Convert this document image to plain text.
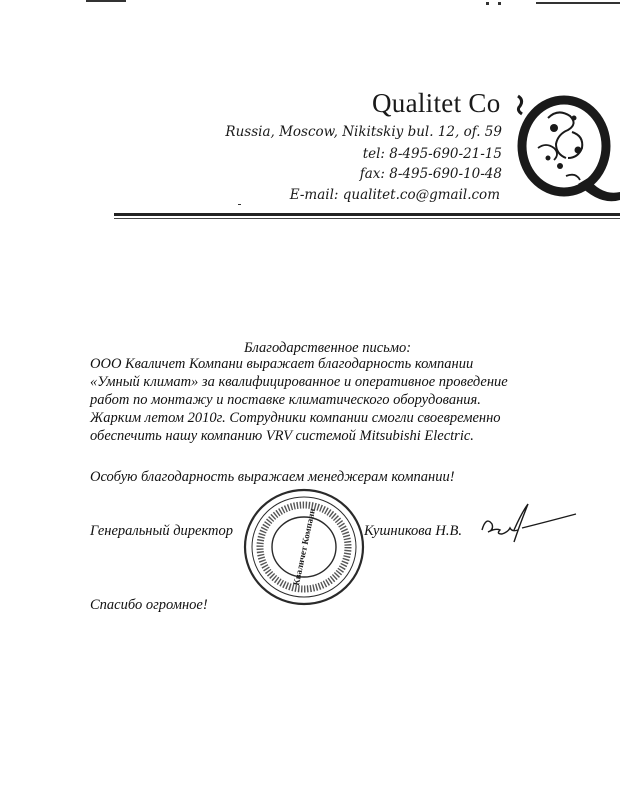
Qualitet Co
Russia, Moscow, Nikitskiy bul. 12, of. 59
tel: 8-495-690-21-15
fax: 8-495-690-10-48
E-mail: qualitet.co@gmail.com
Благодарственное письмо:
ООО Кваличет Компани выражает благодарность компании
«Умный климат» за квалифицированное и оперативное проведение
работ по монтажу и поставке климатического оборудования.
Жарким летом 2010г. Сотрудники компании смогли своевременно
обеспечить нашу компанию VRV системой Mitsubishi Electric.
Особую благодарность выражаем менеджерам компании!
Генеральный директор	Кушникова Н.В.
Кваличет Компани
Спасибо огромное!
